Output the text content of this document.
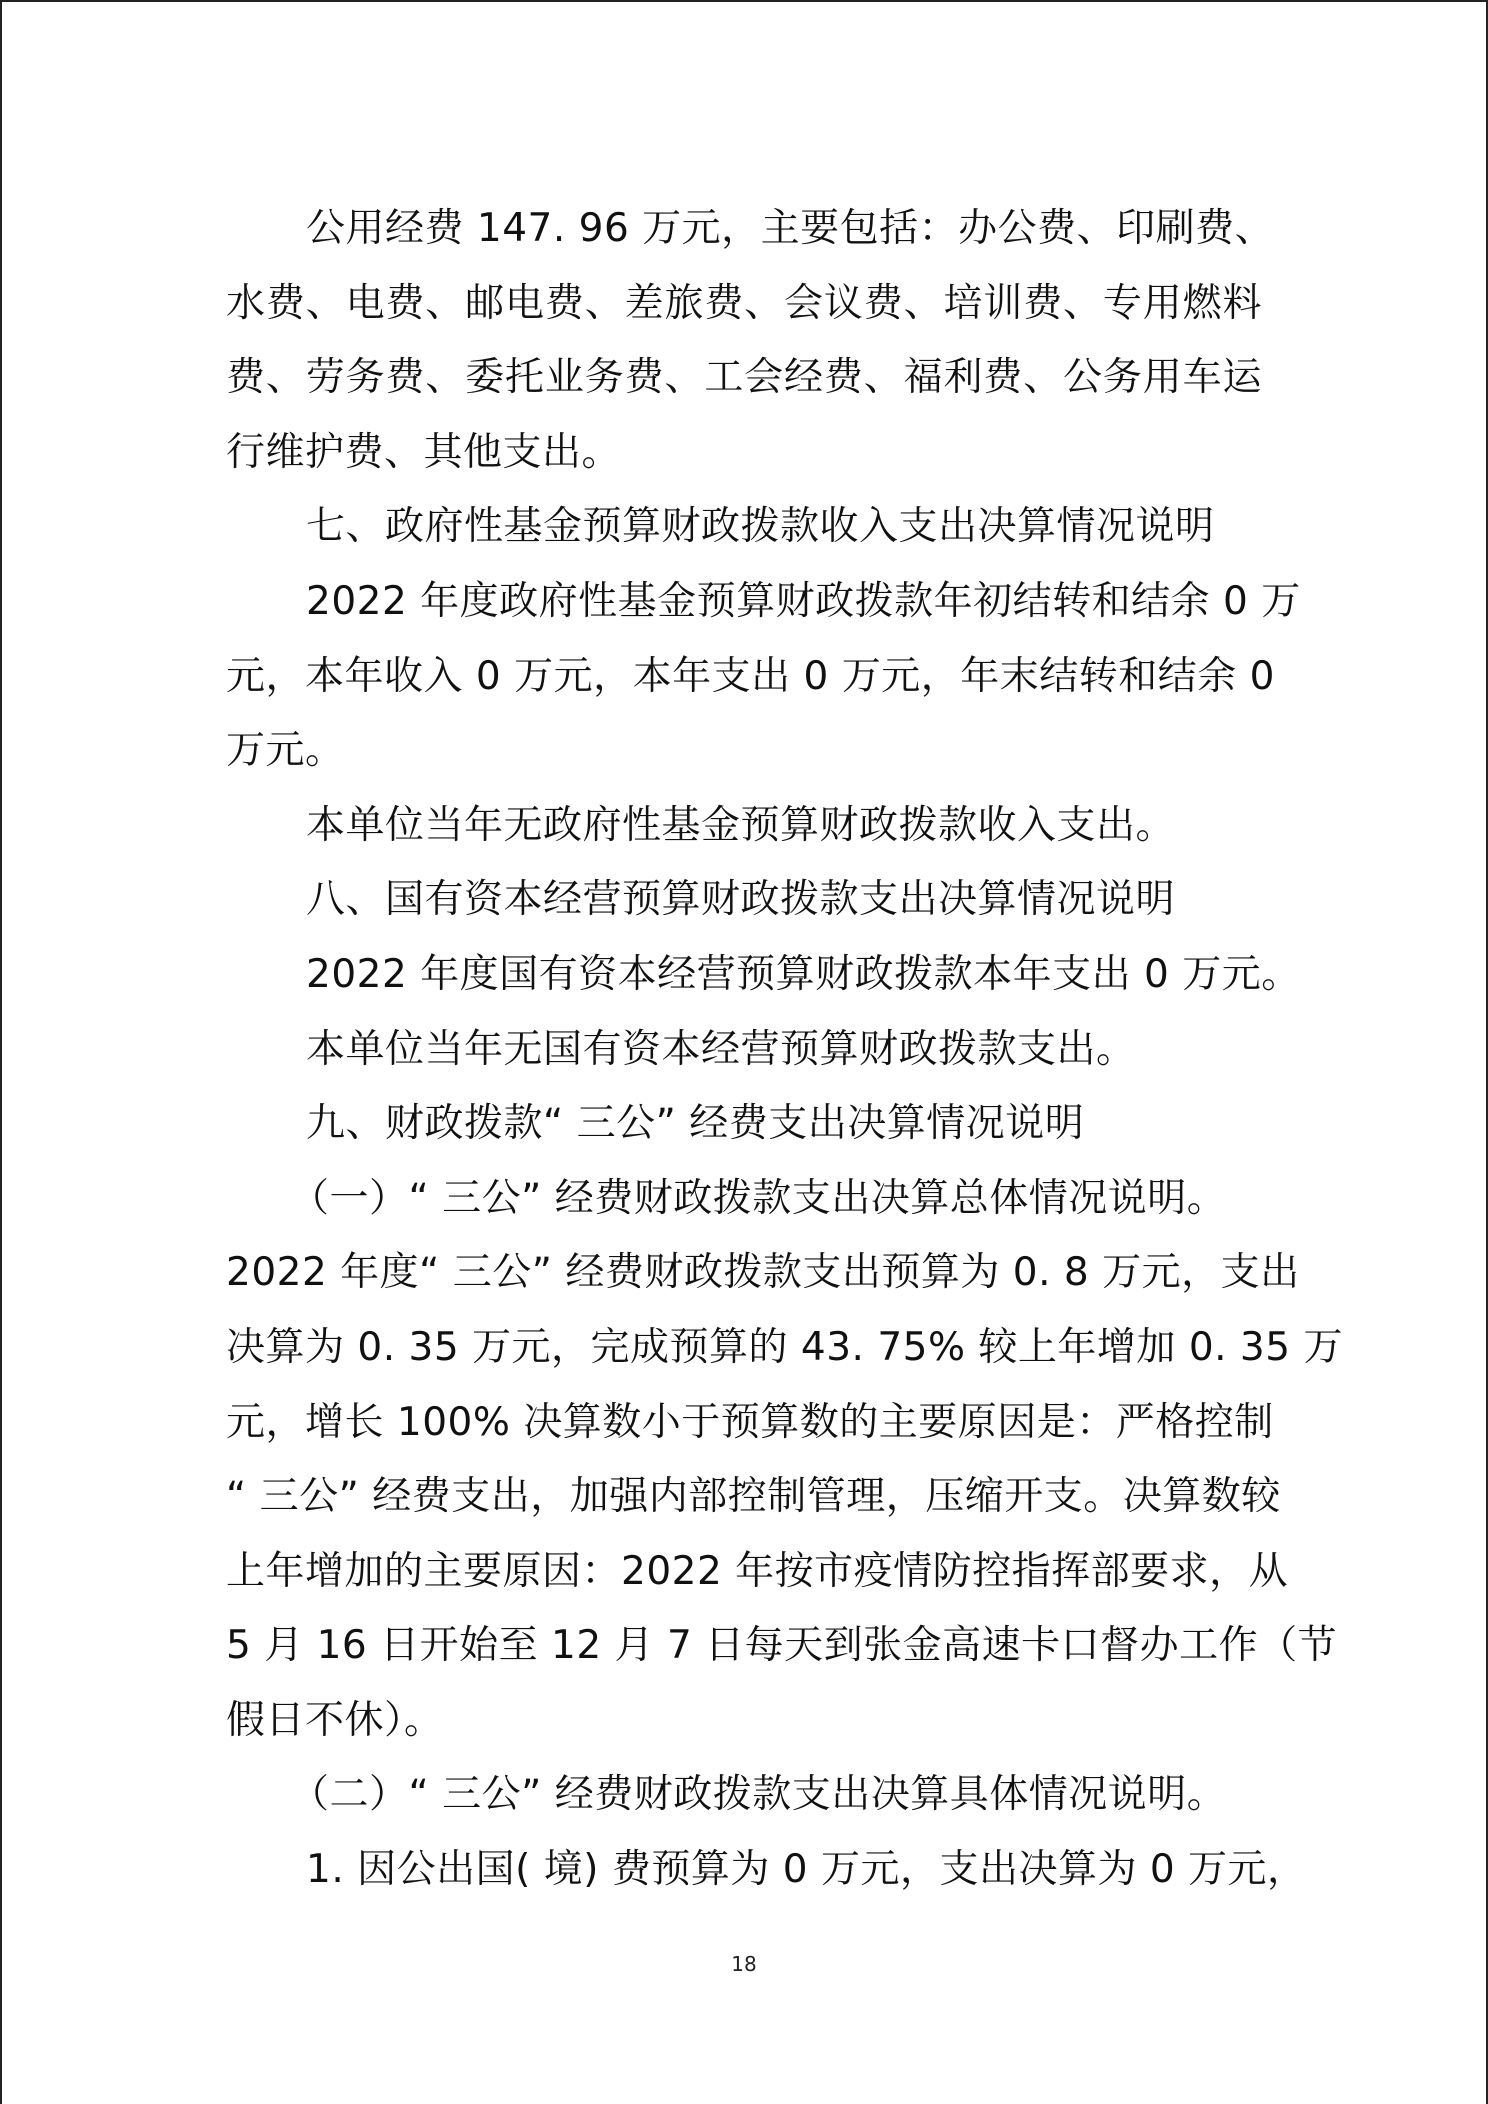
公用经费 147. 96 万元，主要包括：办公费、印刷费、
水费、电费、邮电费、差旅费、会议费、培训费、专用燃料
费、劳务费、委托业务费、工会经费、福利费、公务用车运
行维护费、其他支出。
七、政府性基金预算财政拨款收入支出决算情况说明
2022 年度政府性基金预算财政拨款年初结转和结余 0 万
元，本年收入 0 万元，本年支出 0 万元，年末结转和结余 0
万元。
本单位当年无政府性基金预算财政拨款收入支出。
八、国有资本经营预算财政拨款支出决算情况说明
2022 年度国有资本经营预算财政拨款本年支出 0 万元。
本单位当年无国有资本经营预算财政拨款支出。
九、财政拨款“ 三公” 经费支出决算情况说明
（一）“ 三公” 经费财政拨款支出决算总体情况说明。
2022 年度“ 三公” 经费财政拨款支出预算为 0. 8 万元，支出
决算为 0. 35 万元，完成预算的 43. 75% 较上年增加 0. 35 万
元，增长 100% 决算数小于预算数的主要原因是：严格控制
“ 三公” 经费支出，加强内部控制管理，压缩开支。决算数较
上年增加的主要原因：2022 年按市疫情防控指挥部要求，从
5 月 16 日开始至 12 月 7 日每天到张金高速卡口督办工作（节
假日不休）。
（二）“ 三公” 经费财政拨款支出决算具体情况说明。
1. 因公出国( 境) 费预算为 0 万元，支出决算为 0 万元，
18
